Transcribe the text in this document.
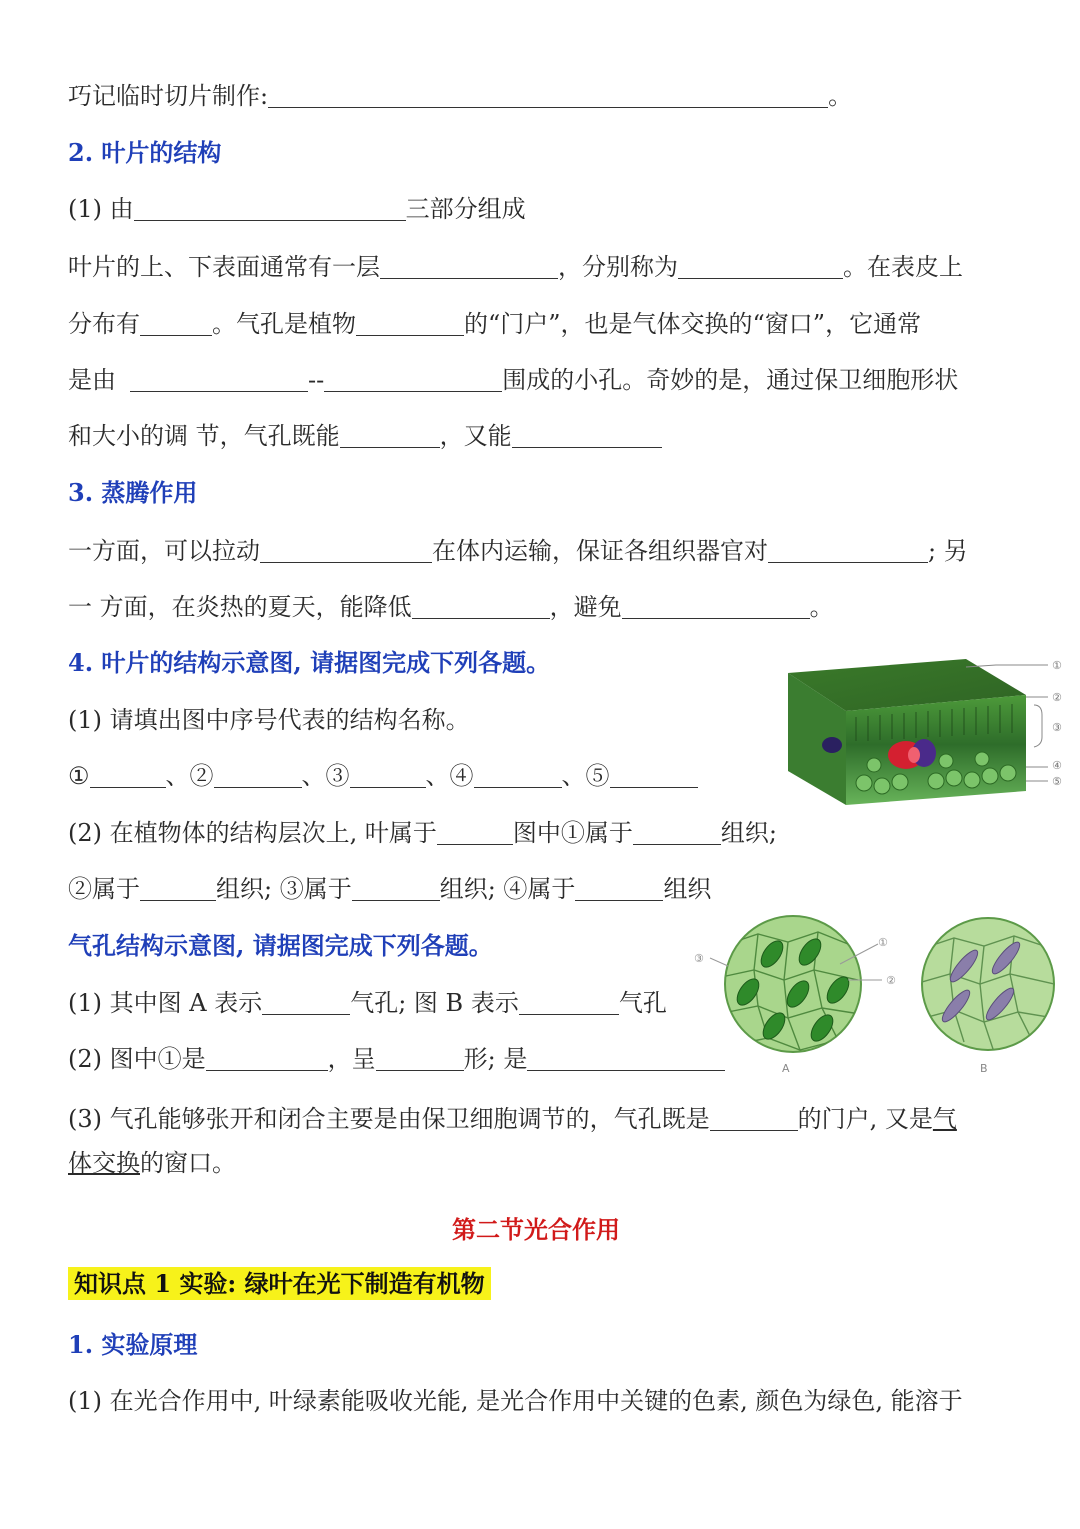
巧记临时切片制作:	。
2. 叶片的结构
(1) 由	三部分组成
叶片的上、下表面通常有一层	，分别称为	。在表皮上
分布有	。气孔是植物	的“门户”，也是气体交换的“窗口”，它通常
是由	--	围成的小孔。奇妙的是，通过保卫细胞形状
和大小的调 节，气孔既能	，又能
3. 蒸腾作用
一方面，可以拉动	在体内运输，保证各组织器官对	; 另
一 方面，在炎热的夏天，能降低	，避免	。
4. 叶片的结构示意图, 请据图完成下列各题。
(1) 请填出图中序号代表的结构名称。
①	、②	、③	、④	、⑤
(2) 在植物体的结构层次上, 叶属于	图中①属于	组织;
②属于	组织; ③属于	组织; ④属于	组织
气孔结构示意图, 请据图完成下列各题。
(1) 其中图 A 表示	气孔; 图 B 表示	气孔
(2) 图中①是	，呈	形; 是
(3) 气孔能够张开和闭合主要是由保卫细胞调节的，气孔既是	的门户, 又是气
体交换的窗口。
第二节光合作用
知识点 1 实验: 绿叶在光下制造有机物
1. 实验原理
(1) 在光合作用中, 叶绿素能吸收光能, 是光合作用中关键的色素, 颜色为绿色, 能溶于
①
②
③
④
⑤
③
①
②
A	B
